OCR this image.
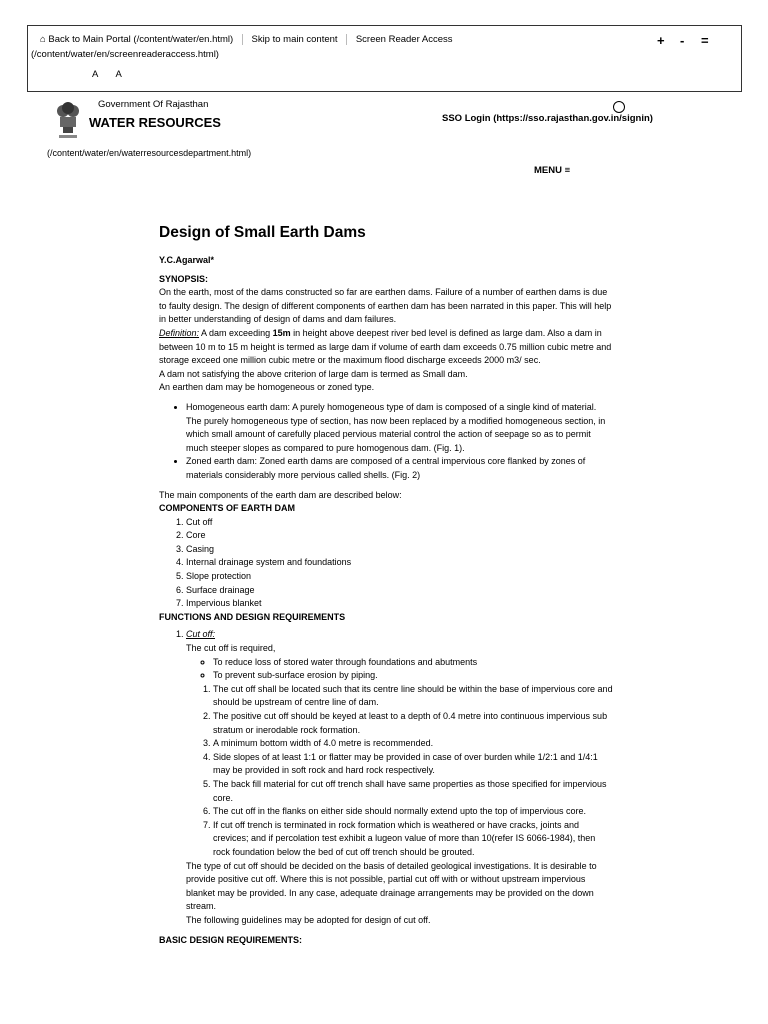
⌂ Back to Main Portal (/content/water/en.html) Skip to main content Screen Reader Access
(/content/water/en/screenreaderaccess.html)
A A
+ - =
Government Of Rajasthan
WATER RESOURCES
(/content/water/en/waterresourcesdepartment.html)
SSO Login (https://sso.rajasthan.gov.in/signin)
MENU ≡
Design of Small Earth Dams

Y.C.Agarwal*

SYNOPSIS:

On the earth, most of the dams constructed so far are earthen dams. Failure of a number of earthen dams is due to faulty design. The design of different components of earthen dam has been narrated in this paper. This will help in better understanding of design of dams and dam failures.

Definition: A dam exceeding 15m in height above deepest river bed level is defined as large dam. Also a dam in between 10 m to 15 m height is termed as large dam if volume of earth dam exceeds 0.75 million cubic metre and storage exceed one million cubic metre or the maximum flood discharge exceeds 2000 m3/ sec.

A dam not satisfying the above criterion of large dam is termed as Small dam.

An earthen dam may be homogeneous or zoned type.

• Homogeneous earth dam: A purely homogeneous type of dam is composed of a single kind of material. The purely homogeneous type of section, has now been replaced by a modified homogeneous section, in which small amount of carefully placed pervious material control the action of seepage so as to permit much steeper slopes as compared to pure homogenous dam. (Fig. 1).
• Zoned earth dam: Zoned earth dams are composed of a central impervious core flanked by zones of materials considerably more pervious called shells. (Fig. 2)

The main components of the earth dam are described below:

COMPONENTS OF EARTH DAM

1. Cut off
2. Core
3. Casing
4. Internal drainage system and foundations
5. Slope protection
6. Surface drainage
7. Impervious blanket

FUNCTIONS AND DESIGN REQUIREMENTS

1. Cut off:

The cut off is required,

◦ To reduce loss of stored water through foundations and abutments
◦ To prevent sub-surface erosion by piping.
1. The cut off shall be located such that its centre line should be within the base of impervious core and should be upstream of centre line of dam.
2. The positive cut off should be keyed at least to a depth of 0.4 metre into continuous impervious sub stratum or inerodable rock formation.
3. A minimum bottom width of 4.0 metre is recommended.
4. Side slopes of at least 1:1 or flatter may be provided in case of over burden while 1/2:1 and 1/4:1 may be provided in soft rock and hard rock respectively.
5. The back fill material for cut off trench shall have same properties as those specified for impervious core.
6. The cut off in the flanks on either side should normally extend upto the top of impervious core.
7. If cut off trench is terminated in rock formation which is weathered or have cracks, joints and crevices; and if percolation test exhibit a lugeon value of more than 10(refer IS 6066-1984), then rock foundation below the bed of cut off trench should be grouted.

The type of cut off should be decided on the basis of detailed geological investigations. It is desirable to provide positive cut off. Where this is not possible, partial cut off with or without upstream impervious blanket may be provided. In any case, adequate drainage arrangements may be provided on the down stream.

The following guidelines may be adopted for design of cut off.

BASIC DESIGN REQUIREMENTS:
